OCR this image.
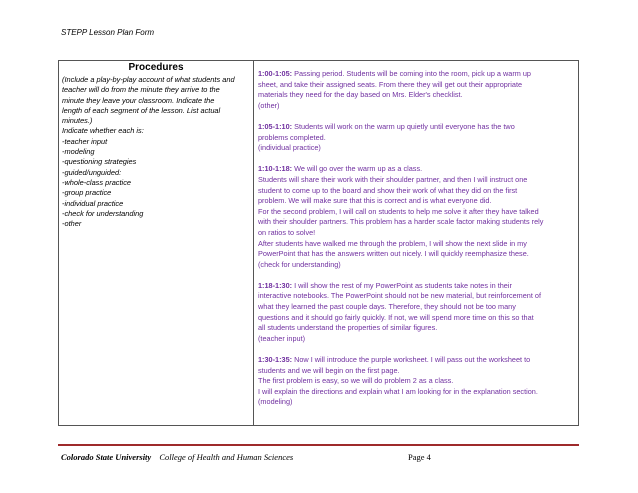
STEPP Lesson Plan Form
Procedures
(Include a play-by-play account of what students and
teacher will do from the minute they arrive to the
minute they leave your classroom. Indicate the
length of each segment of the lesson. List actual
minutes.)
Indicate whether each is:
-teacher input
-modeling
-questioning strategies
-guided/unguided:
-whole-class practice
-group practice
-individual practice
-check for understanding
-other
1:00-1:05: Passing period. Students will be coming into the room, pick up a warm up
sheet, and take their assigned seats. From there they will get out their appropriate
materials they need for the day based on Mrs. Elder's checklist.
(other)
1:05-1:10: Students will work on the warm up quietly until everyone has the two
problems completed.
(individual practice)
1:10-1:18: We will go over the warm up as a class.
Students will share their work with their shoulder partner, and then I will instruct one
student to come up to the board and show their work of what they did on the first
problem. We will make sure that this is correct and is what everyone did.
For the second problem, I will call on students to help me solve it after they have talked
with their shoulder partners. This problem has a harder scale factor making students rely
on ratios to solve!
After students have walked me through the problem, I will show the next slide in my
PowerPoint that has the answers written out nicely. I will quickly reemphasize these.
(check for understanding)
1:18-1:30: I will show the rest of my PowerPoint as students take notes in their
interactive notebooks. The PowerPoint should not be new material, but reinforcement of
what they learned the past couple days. Therefore, they should not be too many
questions and it should go fairly quickly. If not, we will spend more time on this so that
all students understand the properties of similar figures.
(teacher input)
1:30-1:35: Now I will introduce the purple worksheet. I will pass out the worksheet to
students and we will begin on the first page.
The first problem is easy, so we will do problem 2 as a class.
I will explain the directions and explain what I am looking for in the explanation section.
(modeling)
Colorado State University College of Health and Human Sciences	Page 4
